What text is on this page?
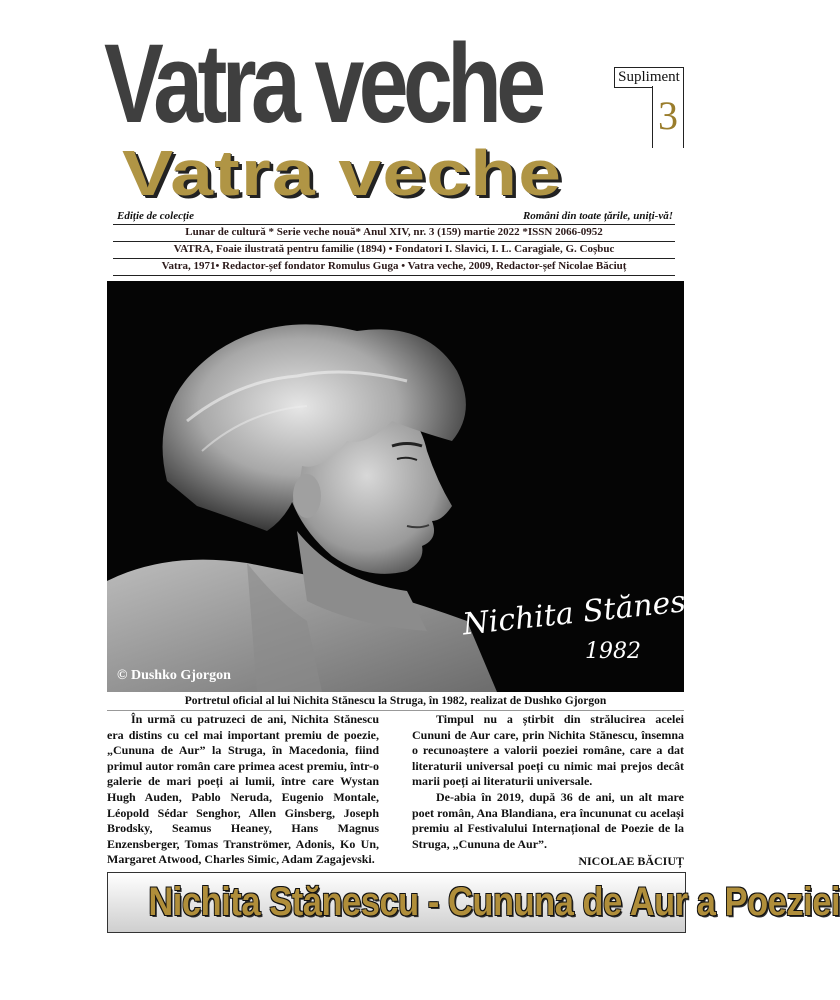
Vatra veche
Vatra veche
Supliment
3
Ediție de colecție	Români din toate țările, uniți-vă!
Lunar de cultură * Serie veche nouă* Anul XIV, nr. 3 (159) martie 2022 *ISSN 2066-0952
VATRA, Foaie ilustrată pentru familie (1894) • Fondatori I. Slavici, I. L. Caragiale, G. Coșbuc
Vatra, 1971• Redactor-șef fondator Romulus Guga • Vatra veche, 2009, Redactor-șef Nicolae Băciuț
© Dushko Gjorgon
Nichita Stănescu
1982
Portretul oficial al lui Nichita Stănescu la Struga, în 1982, realizat de Dushko Gjorgon

În urmă cu patruzeci de ani, Nichita Stănescu era distins cu cel mai important premiu de poezie, „Cununa de Aur” la Struga, în Macedonia, fiind primul autor român care primea acest premiu, într-o galerie de mari poeți ai lumii, între care Wystan Hugh Auden, Pablo Neruda, Eugenio Montale, Léopold Sédar Senghor, Allen Ginsberg, Joseph Brodsky, Seamus Heaney, Hans Magnus Enzensberger, Tomas Tranströmer, Adonis, Ko Un, Margaret Atwood, Charles Simic, Adam Zagajevski.

Timpul nu a știrbit din strălucirea acelei Cununi de Aur care, prin Nichita Stănescu, însemna o recunoaștere a valorii poeziei române, care a dat literaturii universal poeți cu nimic mai prejos decât marii poeți ai literaturii universale.

De-abia în 2019, după 36 de ani, un alt mare poet român, Ana Blandiana, era încununat cu același premiu al Festivalului Internațional de Poezie de la Struga, „Cununa de Aur”.

NICOLAE BĂCIUȚ
Nichita Stănescu - Cununa de Aur a Poeziei
